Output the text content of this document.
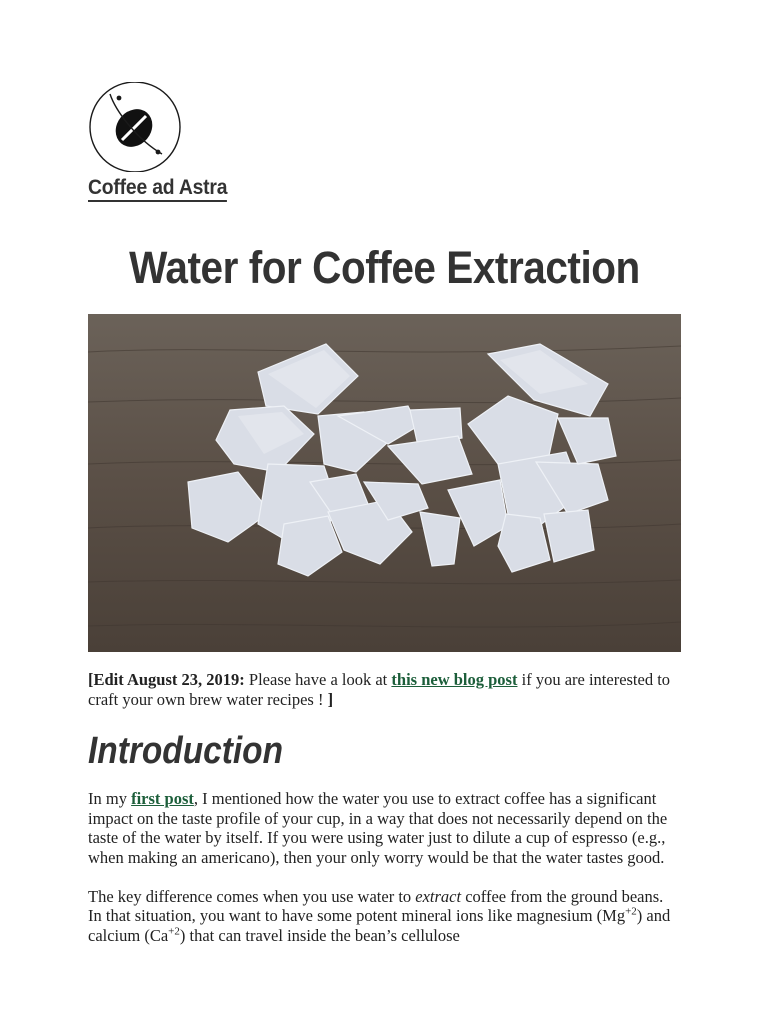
Coffee ad Astra
Water for Coffee Extraction

[Edit August 23, 2019: Please have a look at this new blog post if you are interested to craft your own brew water recipes ! ]

Introduction

In my first post, I mentioned how the water you use to extract coffee has a significant impact on the taste profile of your cup, in a way that does not necessarily depend on the taste of the water by itself. If you were using water just to dilute a cup of espresso (e.g., when making an americano), then your only worry would be that the water tastes good.

The key difference comes when you use water to extract coffee from the ground beans. In that situation, you want to have some potent mineral ions like magnesium $(Mg^{+2})$ and calcium $(Ca^{+2})$ that can travel inside the bean’s cellulose
